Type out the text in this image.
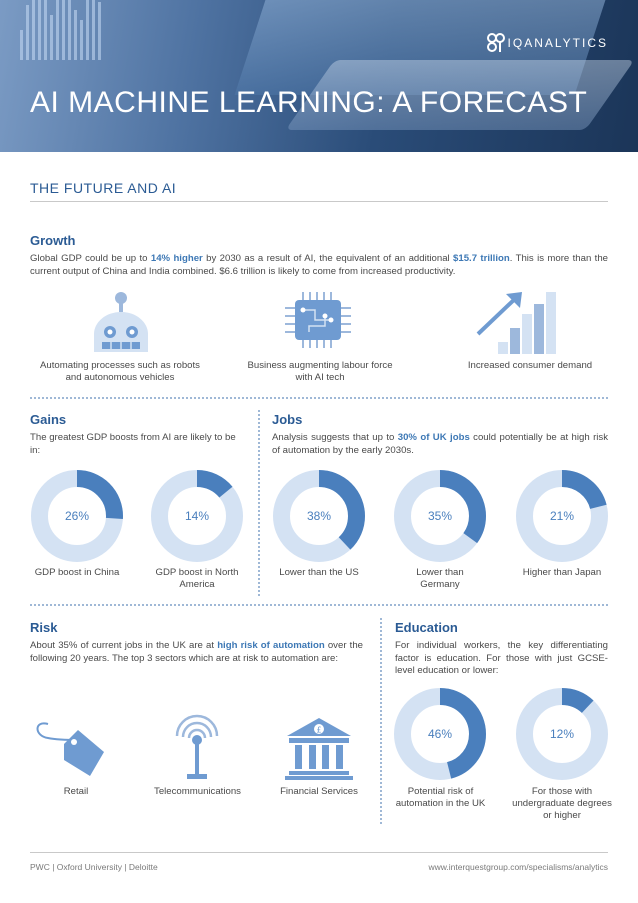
IQANALYTICS
AI MACHINE LEARNING: A FORECAST
THE FUTURE AND AI
Growth

Global GDP could be up to 14% higher by 2030 as a result of AI, the equivalent of an additional $15.7 trillion. This is more than the current output of China and India combined. $6.6 trillion is likely to come from increased productivity.

Automating processes such as robots and autonomous vehicles
Business augmenting labour force with AI tech
Increased consumer demand
Gains

The greatest GDP boosts from AI are likely to be in:

Jobs

Analysis suggests that up to 30% of UK jobs could potentially be at high risk of automation by the early 2030s.

26%
GDP boost in China
14%
GDP boost in North America
38%
Lower than the US
35%
Lower than Germany
21%
Higher than Japan
Risk

About 35% of current jobs in the UK are at high risk of automation over the following 20 years. The top 3 sectors which are at risk to automation are:

Retail	Telecommunications
£
Financial Services
Education

For individual workers, the key differentiating factor is education. For those with just GCSE-level education or lower:

46%
Potential risk of automation in the UK
12%
For those with undergraduate degrees or higher
PWC | Oxford University | Deloitte	www.interquestgroup.com/specialisms/analytics
